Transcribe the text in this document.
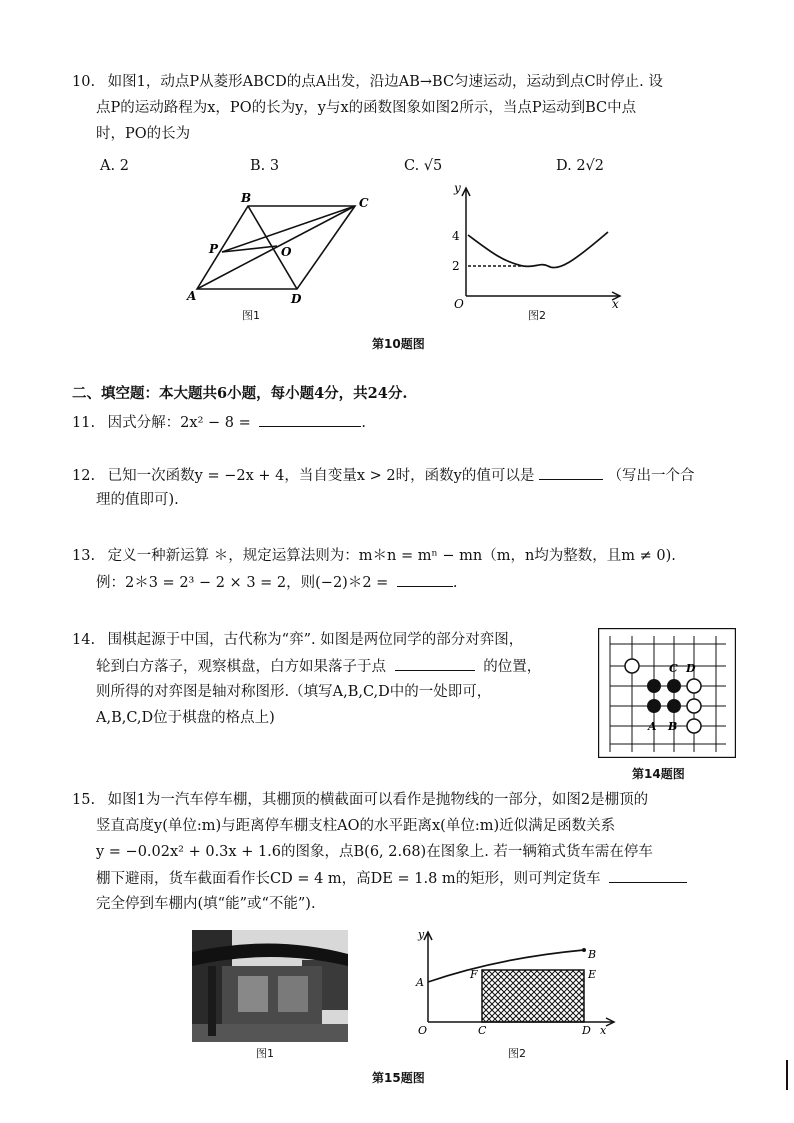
10. 如图1，动点P从菱形ABCD的点A出发，沿边AB→BC匀速运动，运动到点C时停止. 设
点P的运动路程为x，PO的长为y，y与x的函数图象如图2所示，当点P运动到BC中点
时，PO的长为
A. 2	B. 3	C. √5	D. 2√2
A
B	C
D
P	O
图1
y
4
2
O	x
图2
第10题图
二、填空题：本大题共6小题，每小题4分，共24分.
11. 因式分解：2x² − 8 =	.
12. 已知一次函数y = −2x + 4，当自变量x > 2时，函数y的值可以是	（写出一个合
理的值即可).
13. 定义一种新运算 ＊，规定运算法则为：m＊n = mⁿ − mn（m，n均为整数，且m ≠ 0).
例：2＊3 = 2³ − 2 × 3 = 2，则(−2)＊2 =	.
14. 围棋起源于中国，古代称为“弈”. 如图是两位同学的部分对弈图，
轮到白方落子，观察棋盘，白方如果落子于点	的位置，
则所得的对弈图是轴对称图形.（填写A,B,C,D中的一处即可，
A,B,C,D位于棋盘的格点上)
C D
A B
第14题图
15. 如图1为一汽车停车棚，其棚顶的横截面可以看作是抛物线的一部分，如图2是棚顶的
竖直高度y(单位:m)与距离停车棚支柱AO的水平距离x(单位:m)近似满足函数关系
y = −0.02x² + 0.3x + 1.6的图象，点B(6, 2.68)在图象上. 若一辆箱式货车需在停车
棚下避雨，货车截面看作长CD = 4 m，高DE = 1.8 m的矩形，则可判定货车
完全停到车棚内(填“能”或“不能”).
图1
y
A
B
F	E
O	C	D x
图2
第15题图
